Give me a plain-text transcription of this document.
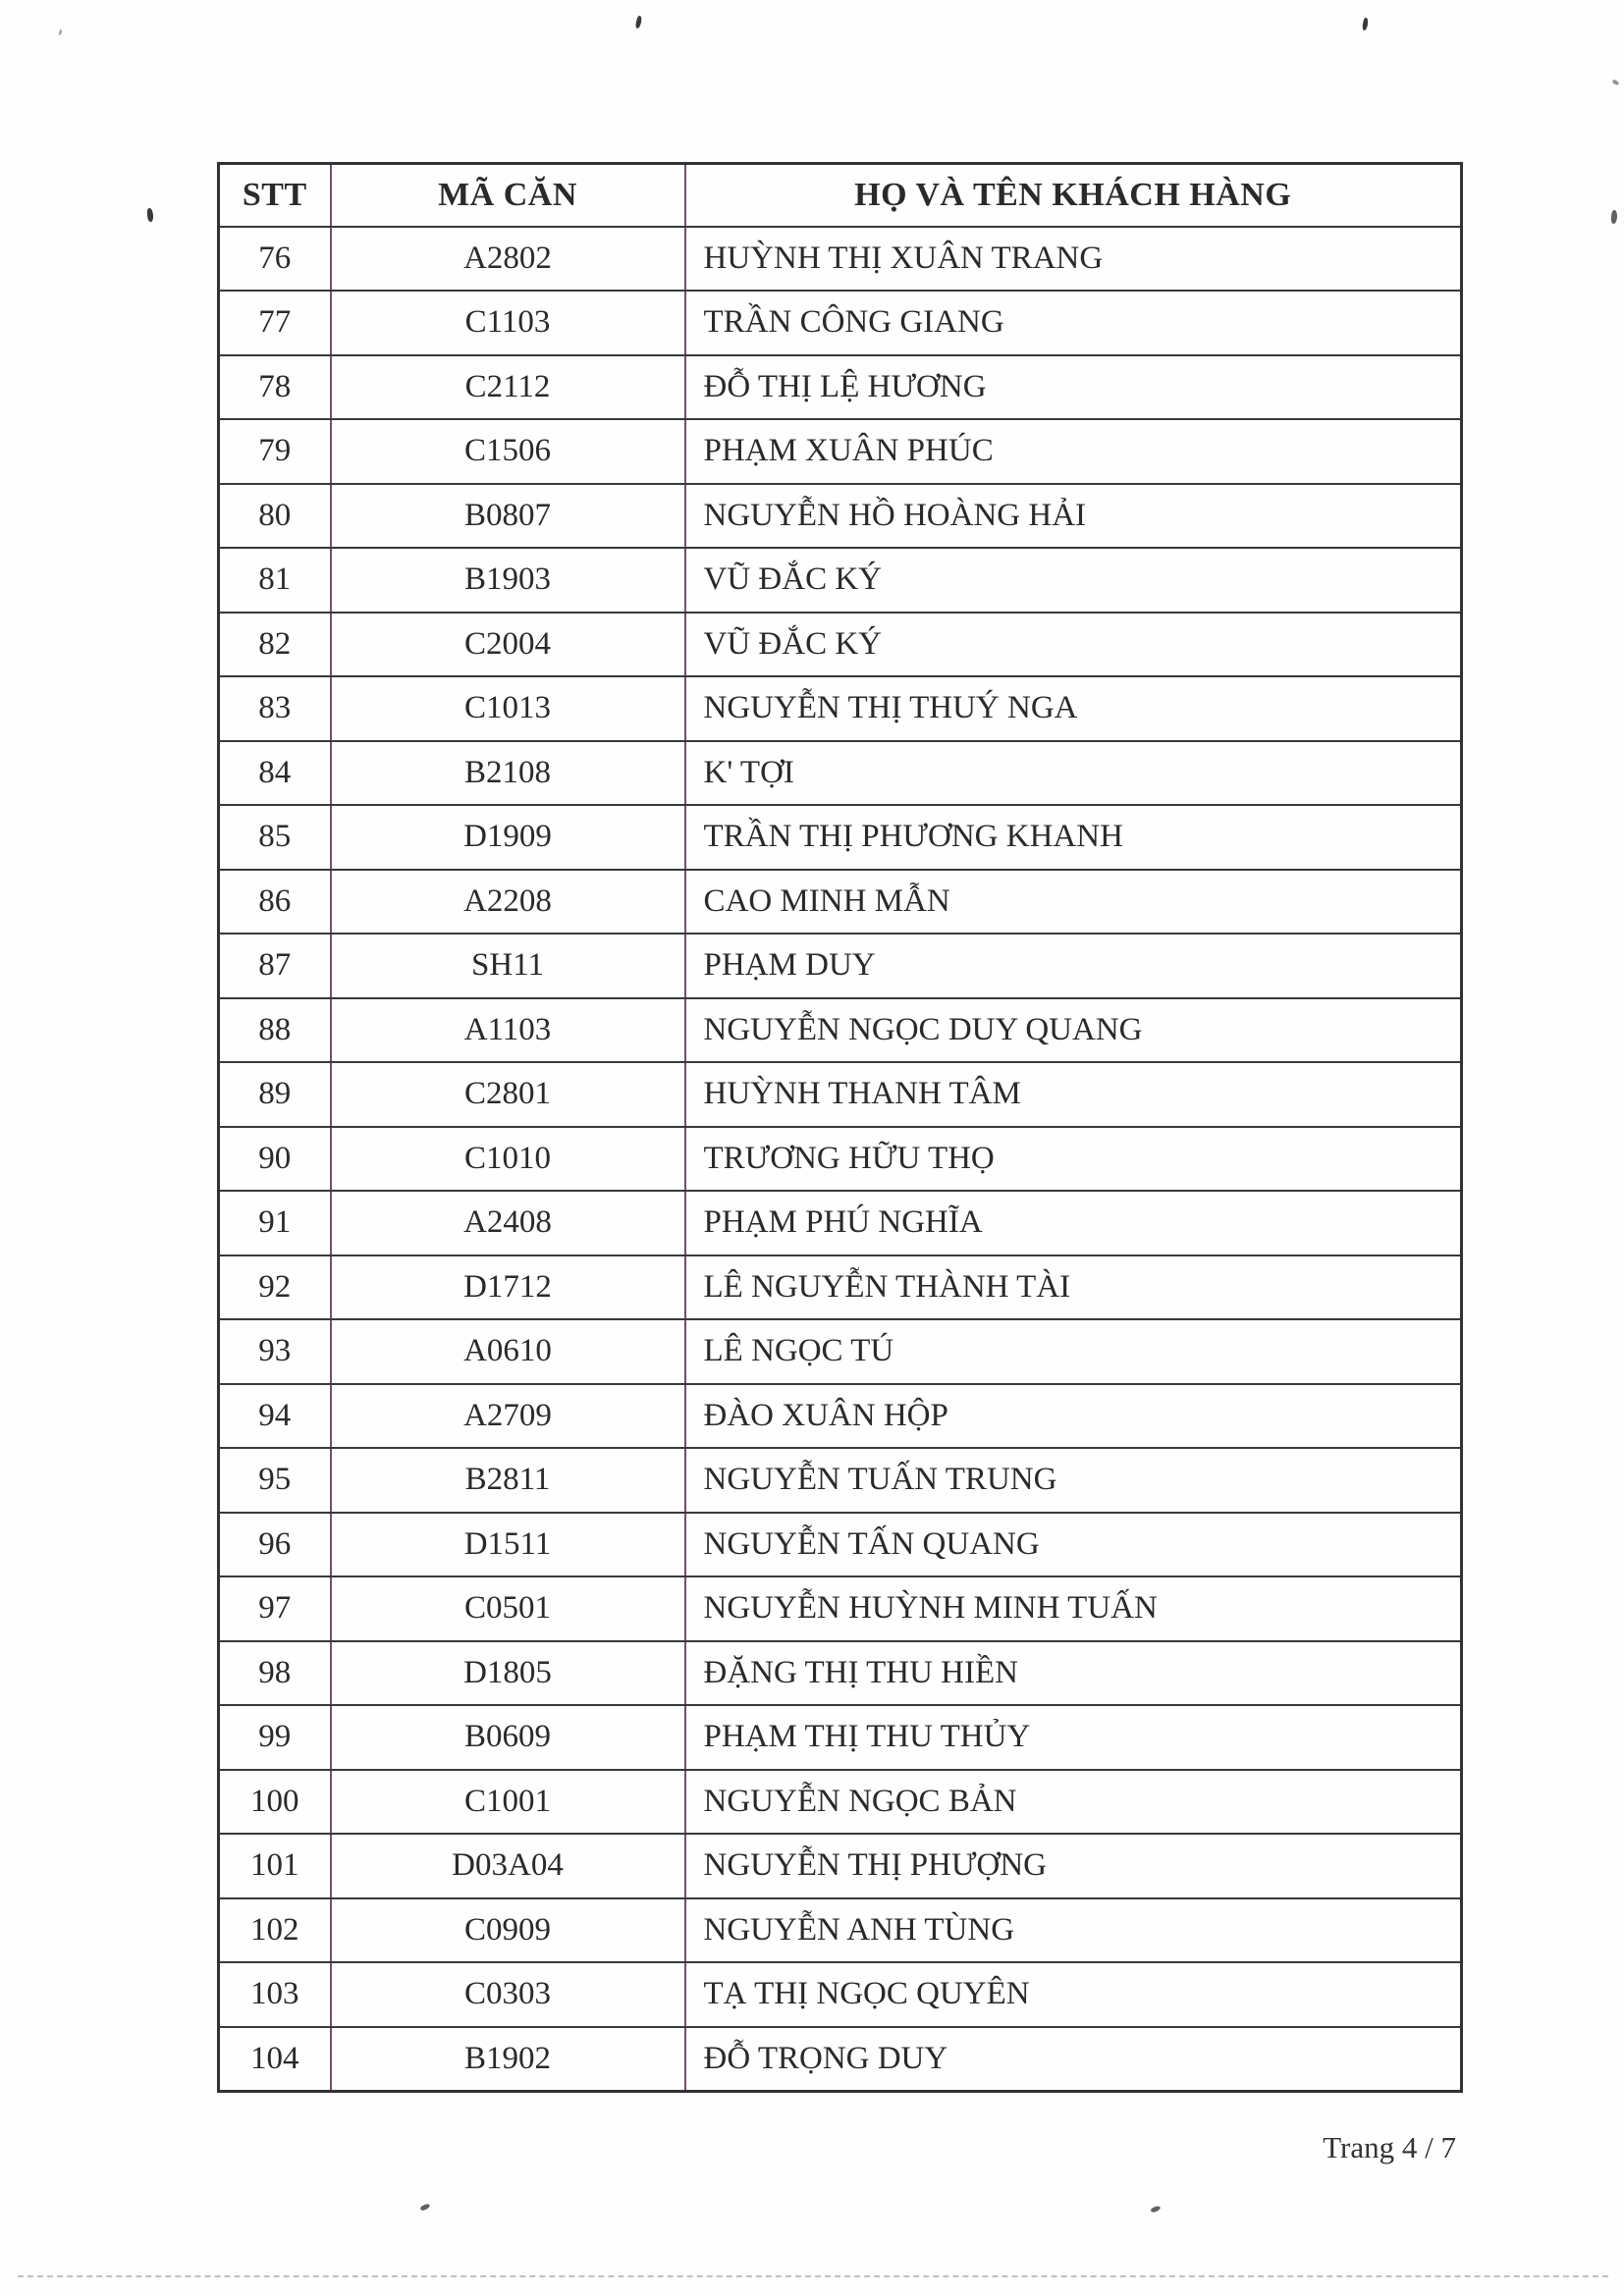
STT	MÃ CĂN	HỌ VÀ TÊN KHÁCH HÀNG
76	A2802	HUỲNH THỊ XUÂN TRANG
77	C1103	TRẦN CÔNG GIANG
78	C2112	ĐỖ THỊ LỆ HƯƠNG
79	C1506	PHẠM XUÂN PHÚC
80	B0807	NGUYỄN HỒ HOÀNG HẢI
81	B1903	VŨ ĐẮC KÝ
82	C2004	VŨ ĐẮC KÝ
83	C1013	NGUYỄN THỊ THUÝ NGA
84	B2108	K' TỢI
85	D1909	TRẦN THỊ PHƯƠNG KHANH
86	A2208	CAO MINH MẪN
87	SH11	PHẠM DUY
88	A1103	NGUYỄN NGỌC DUY QUANG
89	C2801	HUỲNH THANH TÂM
90	C1010	TRƯƠNG HỮU THỌ
91	A2408	PHẠM PHÚ NGHĨA
92	D1712	LÊ NGUYỄN THÀNH TÀI
93	A0610	LÊ NGỌC TÚ
94	A2709	ĐÀO XUÂN HỘP
95	B2811	NGUYỄN TUẤN TRUNG
96	D1511	NGUYỄN TẤN QUANG
97	C0501	NGUYỄN HUỲNH MINH TUẤN
98	D1805	ĐẶNG THỊ THU HIỀN
99	B0609	PHẠM THỊ THU THỦY
100	C1001	NGUYỄN NGỌC BẢN
101	D03A04	NGUYỄN THỊ PHƯỢNG
102	C0909	NGUYỄN ANH TÙNG
103	C0303	TẠ THỊ NGỌC QUYÊN
104	B1902	ĐỖ TRỌNG DUY
Trang 4 / 7
